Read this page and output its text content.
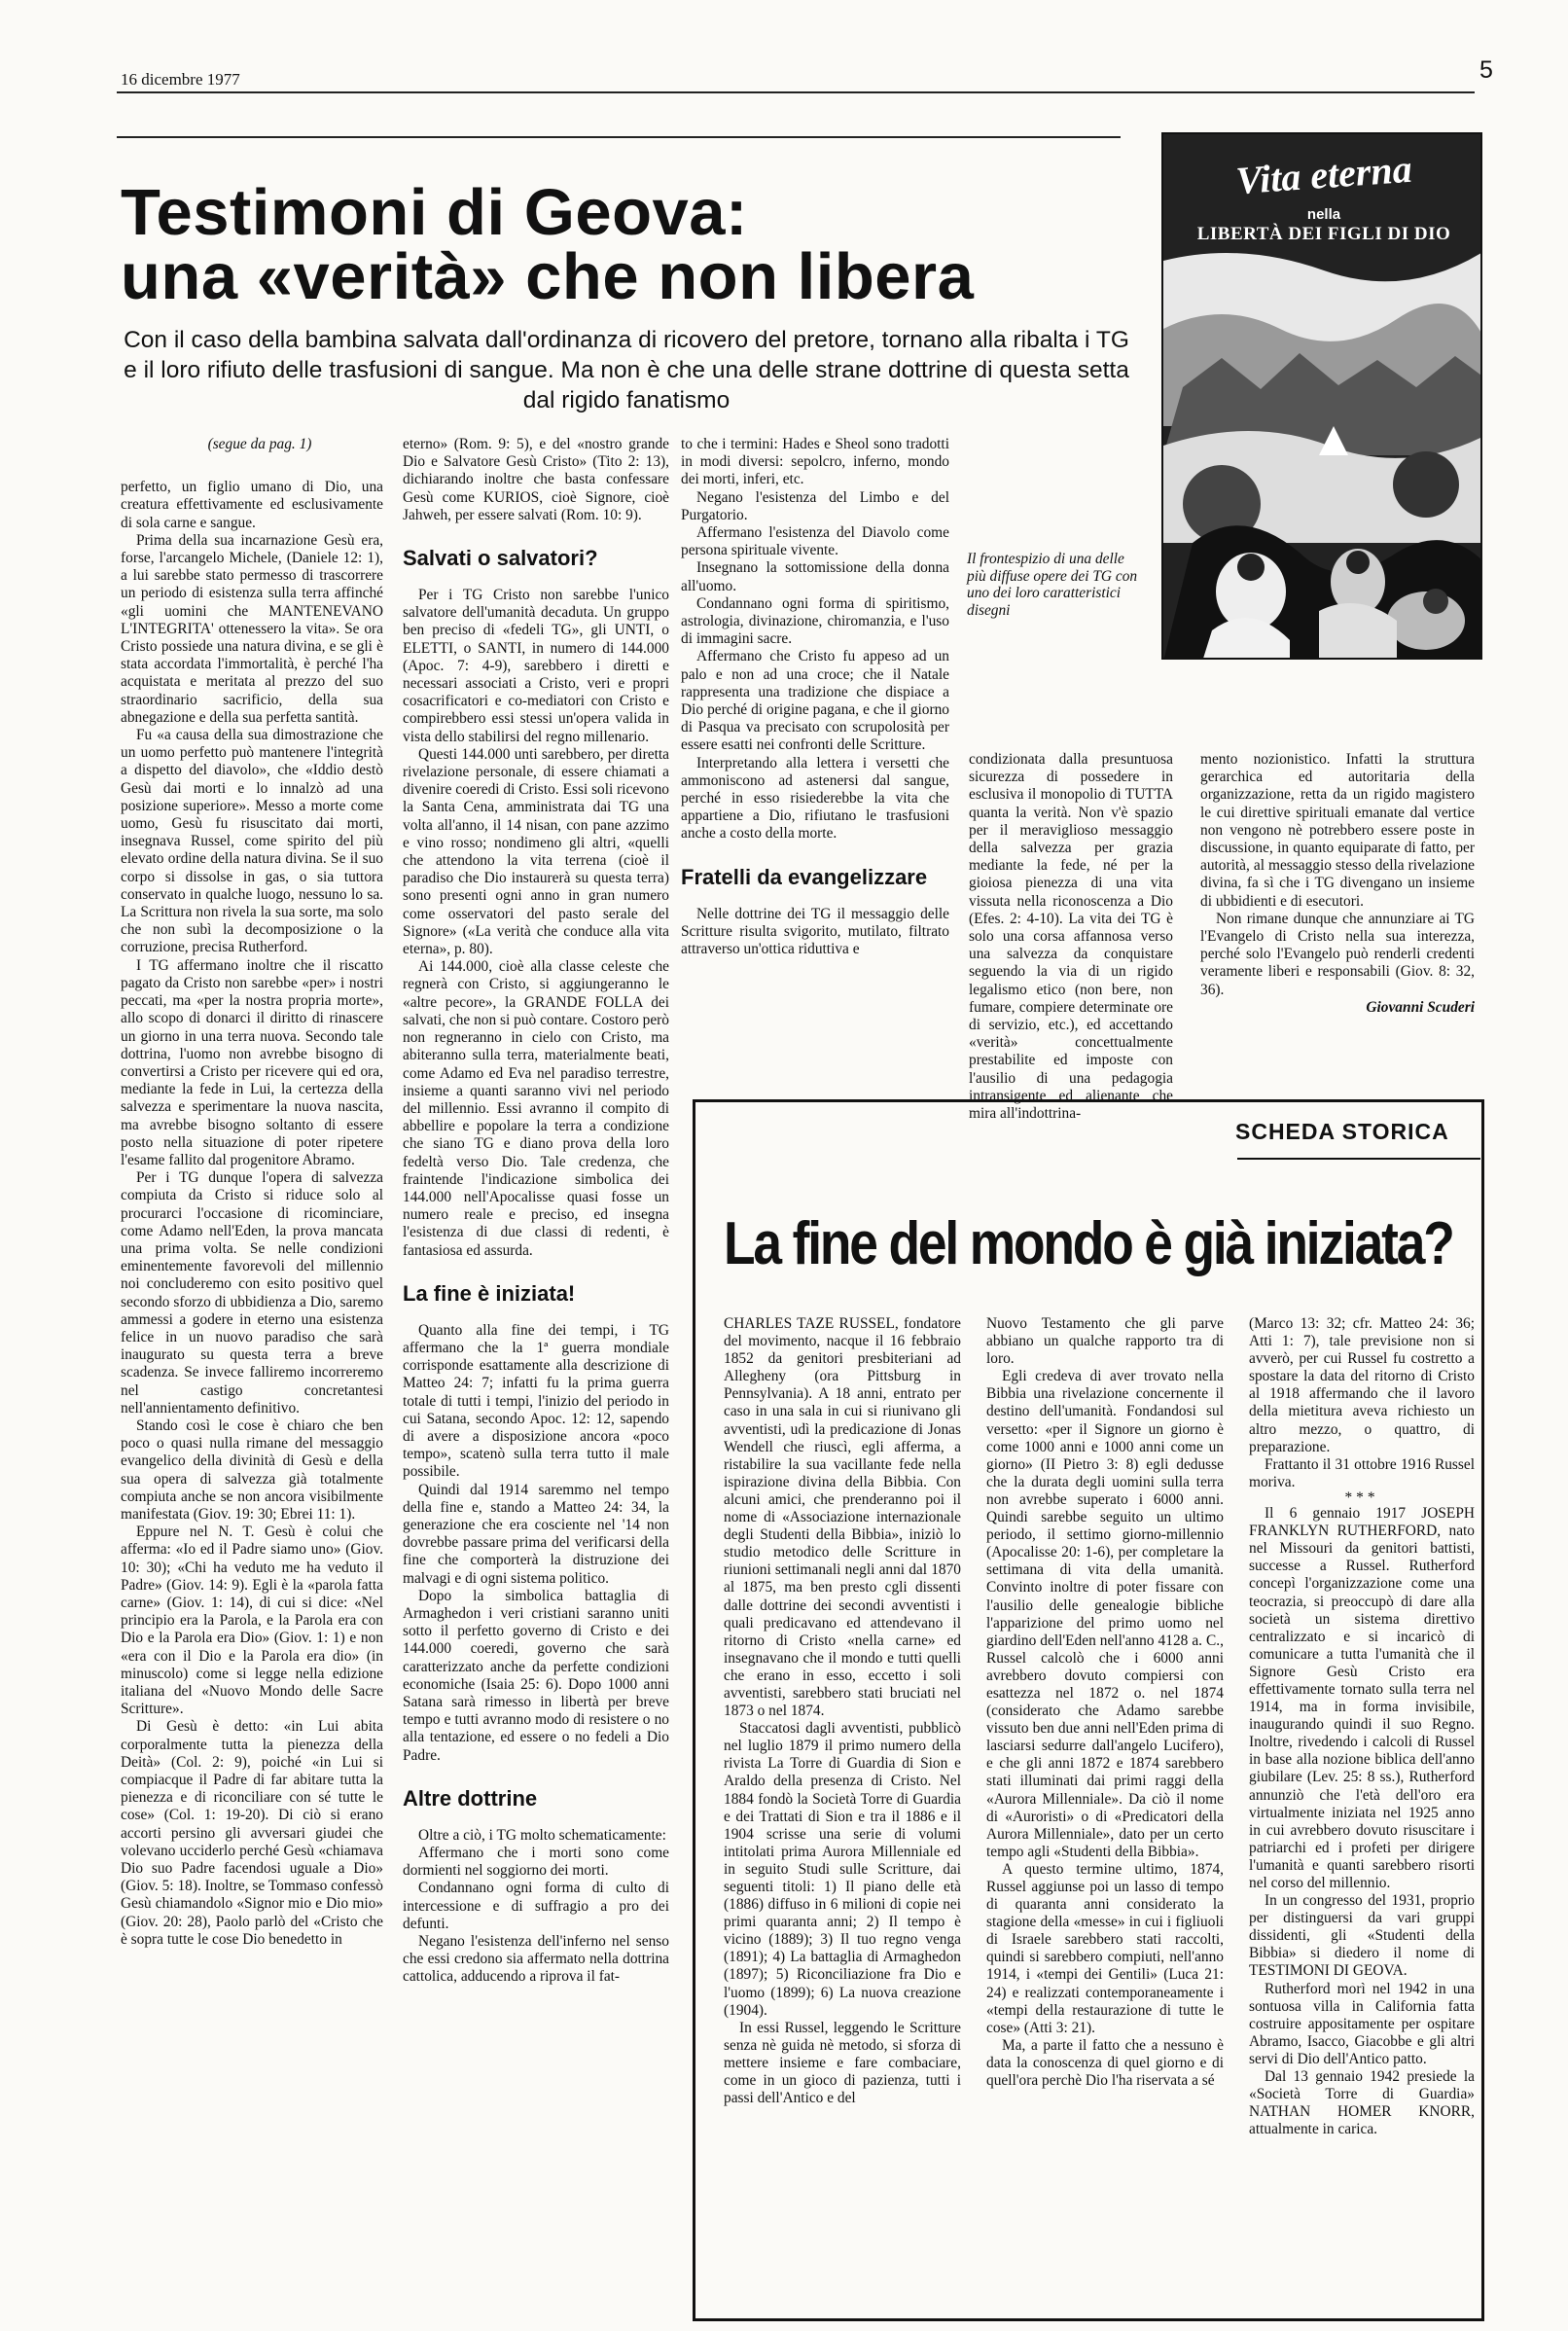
16 dicembre 1977	5
Testimoni di Geova:
una «verità» che non libera
Con il caso della bambina salvata dall'ordinanza di ricovero del pretore, tornano alla ribalta i TG e il loro rifiuto delle trasfusioni di sangue. Ma non è che una delle strane dottrine di questa setta dal rigido fanatismo

(segue da pag. 1)

perfetto, un figlio umano di Dio, una creatura effettivamente ed esclusivamente di sola carne e sangue.

Prima della sua incarnazione Gesù era, forse, l'arcangelo Michele, (Daniele 12: 1), a lui sarebbe stato permesso di trascorrere un periodo di esistenza sulla terra affinché «gli uomini che MANTENEVANO L'INTEGRITA' ottenessero la vita». Se ora Cristo possiede una natura divina, e se gli è stata accordata l'immortalità, è perché l'ha acquistata e meritata al prezzo del suo straordinario sacrificio, della sua abnegazione e della sua perfetta santità.

Fu «a causa della sua dimostrazione che un uomo perfetto può mantenere l'integrità a dispetto del diavolo», che «Iddio destò Gesù dai morti e lo innalzò ad una posizione superiore». Messo a morte come uomo, Gesù fu risuscitato dai morti, insegnava Russel, come spirito del più elevato ordine della natura divina. Se il suo corpo si dissolse in gas, o sia tuttora conservato in qualche luogo, nessuno lo sa. La Scrittura non rivela la sua sorte, ma solo che non subì la decomposizione o la corruzione, precisa Rutherford.

I TG affermano inoltre che il riscatto pagato da Cristo non sarebbe «per» i nostri peccati, ma «per la nostra propria morte», allo scopo di donarci il diritto di rinascere un giorno in una terra nuova. Secondo tale dottrina, l'uomo non avrebbe bisogno di convertirsi a Cristo per ricevere qui ed ora, mediante la fede in Lui, la certezza della salvezza e sperimentare la nuova nascita, ma avrebbe bisogno soltanto di essere posto nella situazione di poter ripetere l'esame fallito dal progenitore Abramo.

Per i TG dunque l'opera di salvezza compiuta da Cristo si riduce solo al procurarci l'occasione di ricominciare, come Adamo nell'Eden, la prova mancata una prima volta. Se nelle condizioni eminentemente favorevoli del millennio noi concluderemo con esito positivo quel secondo sforzo di ubbidienza a Dio, saremo ammessi a godere in eterno una esistenza felice in un nuovo paradiso che sarà inaugurato su questa terra a breve scadenza. Se invece falliremo incorreremo nel castigo concretantesi nell'annientamento definitivo.

Stando così le cose è chiaro che ben poco o quasi nulla rimane del messaggio evangelico della divinità di Gesù e della sua opera di salvezza già totalmente compiuta anche se non ancora visibilmente manifestata (Giov. 19: 30; Ebrei 11: 1).

Eppure nel N. T. Gesù è colui che afferma: «Io ed il Padre siamo uno» (Giov. 10: 30); «Chi ha veduto me ha veduto il Padre» (Giov. 14: 9). Egli è la «parola fatta carne» (Giov. 1: 14), di cui si dice: «Nel principio era la Parola, e la Parola era con Dio e la Parola era Dio» (Giov. 1: 1) e non «era con il Dio e la Parola era dio» (in minuscolo) come si legge nella edizione italiana del «Nuovo Mondo delle Sacre Scritture».

Di Gesù è detto: «in Lui abita corporalmente tutta la pienezza della Deità» (Col. 2: 9), poiché «in Lui si compiacque il Padre di far abitare tutta la pienezza e di riconciliare con sé tutte le cose» (Col. 1: 19-20). Di ciò si erano accorti persino gli avversari giudei che volevano ucciderlo perché Gesù «chiamava Dio suo Padre facendosi uguale a Dio» (Giov. 5: 18). Inoltre, se Tommaso confessò Gesù chiamandolo «Signor mio e Dio mio» (Giov. 20: 28), Paolo parlò del «Cristo che è sopra tutte le cose Dio benedetto in

eterno» (Rom. 9: 5), e del «nostro grande Dio e Salvatore Gesù Cristo» (Tito 2: 13), dichiarando inoltre che basta confessare Gesù come KURIOS, cioè Signore, cioè Jahweh, per essere salvati (Rom. 10: 9).

Salvati o salvatori?

Per i TG Cristo non sarebbe l'unico salvatore dell'umanità decaduta. Un gruppo ben preciso di «fedeli TG», gli UNTI, o ELETTI, o SANTI, in numero di 144.000 (Apoc. 7: 4-9), sarebbero i diretti e necessari associati a Cristo, veri e propri cosacrificatori e co-mediatori con Cristo e compirebbero essi stessi un'opera valida in vista dello stabilirsi del regno millenario.

Questi 144.000 unti sarebbero, per diretta rivelazione personale, di essere chiamati a divenire coeredi di Cristo. Essi soli ricevono la Santa Cena, amministrata dai TG una volta all'anno, il 14 nisan, con pane azzimo e vino rosso; nondimeno gli altri, «quelli che attendono la vita terrena (cioè il paradiso che Dio instaurerà su questa terra) sono presenti ogni anno in gran numero come osservatori del pasto serale del Signore» («La verità che conduce alla vita eterna», p. 80).

Ai 144.000, cioè alla classe celeste che regnerà con Cristo, si aggiungeranno le «altre pecore», la GRANDE FOLLA dei salvati, che non si può contare. Costoro però non regneranno in cielo con Cristo, ma abiteranno sulla terra, materialmente beati, come Adamo ed Eva nel paradiso terrestre, insieme a quanti saranno vivi nel periodo del millennio. Essi avranno il compito di abbellire e popolare la terra a condizione che siano TG e diano prova della loro fedeltà verso Dio. Tale credenza, che fraintende l'indicazione simbolica dei 144.000 nell'Apocalisse quasi fosse un numero reale e preciso, ed insegna l'esistenza di due classi di redenti, è fantasiosa ed assurda.

La fine è iniziata!

Quanto alla fine dei tempi, i TG affermano che la 1ª guerra mondiale corrisponde esattamente alla descrizione di Matteo 24: 7; infatti fu la prima guerra totale di tutti i tempi, l'inizio del periodo in cui Satana, secondo Apoc. 12: 12, sapendo di avere a disposizione ancora «poco tempo», scatenò sulla terra tutto il male possibile.

Quindi dal 1914 saremmo nel tempo della fine e, stando a Matteo 24: 34, la generazione che era cosciente nel '14 non dovrebbe passare prima del verificarsi della fine che comporterà la distruzione dei malvagi e di ogni sistema politico.

Dopo la simbolica battaglia di Armaghedon i veri cristiani saranno uniti sotto il perfetto governo di Cristo e dei 144.000 coeredi, governo che sarà caratterizzato anche da perfette condizioni economiche (Isaia 25: 6). Dopo 1000 anni Satana sarà rimesso in libertà per breve tempo e tutti avranno modo di resistere o no alla tentazione, ed essere o no fedeli a Dio Padre.

Altre dottrine

Oltre a ciò, i TG molto schematicamente:

Affermano che i morti sono come dormienti nel soggiorno dei morti.

Condannano ogni forma di culto di intercessione e di suffragio a pro dei defunti.

Negano l'esistenza dell'inferno nel senso che essi credono sia affermato nella dottrina cattolica, adducendo a riprova il fat-

to che i termini: Hades e Sheol sono tradotti in modi diversi: sepolcro, inferno, mondo dei morti, inferi, etc.

Negano l'esistenza del Limbo e del Purgatorio.

Affermano l'esistenza del Diavolo come persona spirituale vivente.

Insegnano la sottomissione della donna all'uomo.

Condannano ogni forma di spiritismo, astrologia, divinazione, chiromanzia, e l'uso di immagini sacre.

Affermano che Cristo fu appeso ad un palo e non ad una croce; che il Natale rappresenta una tradizione che dispiace a Dio perché di origine pagana, e che il giorno di Pasqua va precisato con scrupolosità per essere esatti nei confronti delle Scritture.

Interpretando alla lettera i versetti che ammoniscono ad astenersi dal sangue, perché in esso risiederebbe la vita che appartiene a Dio, rifiutano le trasfusioni anche a costo della morte.

Fratelli da evangelizzare

Nelle dottrine dei TG il messaggio delle Scritture risulta svigorito, mutilato, filtrato attraverso un'ottica riduttiva e

Vita eterna
nella
LIBERTÀ DEI FIGLI DI DIO
Il frontespizio di una delle più diffuse opere dei TG con uno dei loro caratteristici disegni

condizionata dalla presuntuosa sicurezza di possedere in esclusiva il monopolio di TUTTA quanta la verità. Non v'è spazio per il meraviglioso messaggio della salvezza per grazia mediante la fede, né per la gioiosa pienezza di una vita vissuta nella riconoscenza a Dio (Efes. 2: 4-10). La vita dei TG è solo una corsa affannosa verso una salvezza da conquistare seguendo la via di un rigido legalismo etico (non bere, non fumare, compiere determinate ore di servizio, etc.), ed accettando «verità» concettualmente prestabilite ed imposte con l'ausilio di una pedagogia intransigente ed alienante che mira all'indottrina-

mento nozionistico. Infatti la struttura gerarchica ed autoritaria della organizzazione, retta da un rigido magistero le cui direttive spirituali emanate dal vertice non vengono nè potrebbero essere poste in discussione, in quanto equiparate di fatto, per autorità, al messaggio stesso della rivelazione divina, fa sì che i TG divengano un insieme di ubbidienti e di esecutori.

Non rimane dunque che annunziare ai TG l'Evangelo di Cristo nella sua interezza, perché solo l'Evangelo può renderli credenti veramente liberi e responsabili (Giov. 8: 32, 36).

Giovanni Scuderi

SCHEDA STORICA
La fine del mondo è già iniziata?

CHARLES TAZE RUSSEL, fondatore del movimento, nacque il 16 febbraio 1852 da genitori presbiteriani ad Allegheny (ora Pittsburg in Pennsylvania). A 18 anni, entrato per caso in una sala in cui si riunivano gli avventisti, udì la predicazione di Jonas Wendell che riuscì, egli afferma, a ristabilire la sua vacillante fede nella ispirazione divina della Bibbia. Con alcuni amici, che prenderanno poi il nome di «Associazione internazionale degli Studenti della Bibbia», iniziò lo studio metodico delle Scritture in riunioni settimanali negli anni dal 1870 al 1875, ma ben presto cgli dissenti dalle dottrine dei secondi avventisti i quali predicavano ed attendevano il ritorno di Cristo «nella carne» ed insegnavano che il mondo e tutti quelli che erano in esso, eccetto i soli avventisti, sarebbero stati bruciati nel 1873 o nel 1874.

Staccatosi dagli avventisti, pubblicò nel luglio 1879 il primo numero della rivista La Torre di Guardia di Sion e Araldo della presenza di Cristo. Nel 1884 fondò la Società Torre di Guardia e dei Trattati di Sion e tra il 1886 e il 1904 scrisse una serie di volumi intitolati prima Aurora Millenniale ed in seguito Studi sulle Scritture, dai seguenti titoli: 1) Il piano delle età (1886) diffuso in 6 milioni di copie nei primi quaranta anni; 2) Il tempo è vicino (1889); 3) Il tuo regno venga (1891); 4) La battaglia di Armaghedon (1897); 5) Riconciliazione fra Dio e l'uomo (1899); 6) La nuova creazione (1904).

In essi Russel, leggendo le Scritture senza nè guida nè metodo, si sforza di mettere insieme e fare combaciare, come in un gioco di pazienza, tutti i passi dell'Antico e del

Nuovo Testamento che gli parve abbiano un qualche rapporto tra di loro.

Egli credeva di aver trovato nella Bibbia una rivelazione concernente il destino dell'umanità. Fondandosi sul versetto: «per il Signore un giorno è come 1000 anni e 1000 anni come un giorno» (II Pietro 3: 8) egli dedusse che la durata degli uomini sulla terra non avrebbe superato i 6000 anni. Quindi sarebbe seguito un ultimo periodo, il settimo giorno-millennio (Apocalisse 20: 1-6), per completare la settimana di vita della umanità. Convinto inoltre di poter fissare con l'ausilio delle genealogie bibliche l'apparizione del primo uomo nel giardino dell'Eden nell'anno 4128 a. C., Russel calcolò che i 6000 anni avrebbero dovuto compiersi con esattezza nel 1872 o. nel 1874 (considerato che Adamo sarebbe vissuto ben due anni nell'Eden prima di lasciarsi sedurre dall'angelo Lucifero), e che gli anni 1872 e 1874 sarebbero stati illuminati dai primi raggi della «Aurora Millenniale». Da ciò il nome di «Auroristi» o di «Predicatori della Aurora Millenniale», dato per un certo tempo agli «Studenti della Bibbia».

A questo termine ultimo, 1874, Russel aggiunse poi un lasso di tempo di quaranta anni considerato la stagione della «messe» in cui i figliuoli di Israele sarebbero stati raccolti, quindi si sarebbero compiuti, nell'anno 1914, i «tempi dei Gentili» (Luca 21: 24) e realizzati contemporaneamente i «tempi della restaurazione di tutte le cose» (Atti 3: 21).

Ma, a parte il fatto che a nessuno è data la conoscenza di quel giorno e di quell'ora perchè Dio l'ha riservata a sé

(Marco 13: 32; cfr. Matteo 24: 36; Atti 1: 7), tale previsione non si avverò, per cui Russel fu costretto a spostare la data del ritorno di Cristo al 1918 affermando che il lavoro della mietitura aveva richiesto un altro mezzo, o quattro, di preparazione.

Frattanto il 31 ottobre 1916 Russel moriva.

***

Il 6 gennaio 1917 JOSEPH FRANKLYN RUTHERFORD, nato nel Missouri da genitori battisti, successe a Russel. Rutherford concepì l'organizzazione come una teocrazia, si preoccupò di dare alla società un sistema direttivo centralizzato e si incaricò di comunicare a tutta l'umanità che il Signore Gesù Cristo era effettivamente tornato sulla terra nel 1914, ma in forma invisibile, inaugurando quindi il suo Regno. Inoltre, rivedendo i calcoli di Russel in base alla nozione biblica dell'anno giubilare (Lev. 25: 8 ss.), Rutherford annunziò che l'età dell'oro era virtualmente iniziata nel 1925 anno in cui avrebbero dovuto risuscitare i patriarchi ed i profeti per dirigere l'umanità e quanti sarebbero risorti nel corso del millennio.

In un congresso del 1931, proprio per distinguersi da vari gruppi dissidenti, gli «Studenti della Bibbia» si diedero il nome di TESTIMONI DI GEOVA.

Rutherford morì nel 1942 in una sontuosa villa in California fatta costruire appositamente per ospitare Abramo, Isacco, Giacobbe e gli altri servi di Dio dell'Antico patto.

Dal 13 gennaio 1942 presiede la «Società Torre di Guardia» NATHAN HOMER KNORR, attualmente in carica.
